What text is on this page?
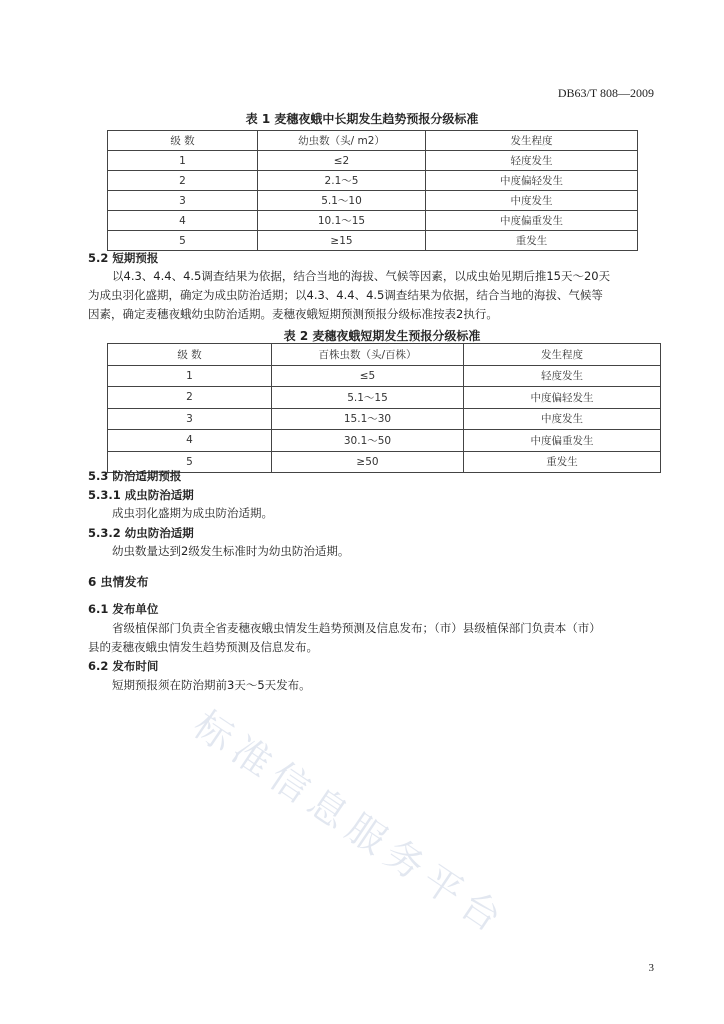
DB63/T 808—2009
表 1 麦穗夜蛾中长期发生趋势预报分级标准
级 数	幼虫数（头/ m2）	发生程度
1	≤2	轻度发生
2	2.1～5	中度偏轻发生
3	5.1～10	中度发生
4	10.1～15	中度偏重发生
5	≥15	重发生
5.2 短期预报
以4.3、4.4、4.5调查结果为依据，结合当地的海拔、气候等因素，以成虫始见期后推15天～20天
为成虫羽化盛期，确定为成虫防治适期；以4.3、4.4、4.5调查结果为依据，结合当地的海拔、气候等
因素，确定麦穗夜蛾幼虫防治适期。麦穗夜蛾短期预测预报分级标准按表2执行。
表 2 麦穗夜蛾短期发生预报分级标准
级 数	百株虫数（头/百株）	发生程度
1	≤5	轻度发生
2	5.1～15	中度偏轻发生
3	15.1～30	中度发生
4	30.1～50	中度偏重发生
5	≥50	重发生
5.3 防治适期预报
5.3.1 成虫防治适期
成虫羽化盛期为成虫防治适期。
5.3.2 幼虫防治适期
幼虫数量达到2级发生标准时为幼虫防治适期。
6 虫情发布
6.1 发布单位
省级植保部门负责全省麦穗夜蛾虫情发生趋势预测及信息发布；（市）县级植保部门负责本（市）
县的麦穗夜蛾虫情发生趋势预测及信息发布。
6.2 发布时间
短期预报须在防治期前3天～5天发布。
标准信息服务平台
3
